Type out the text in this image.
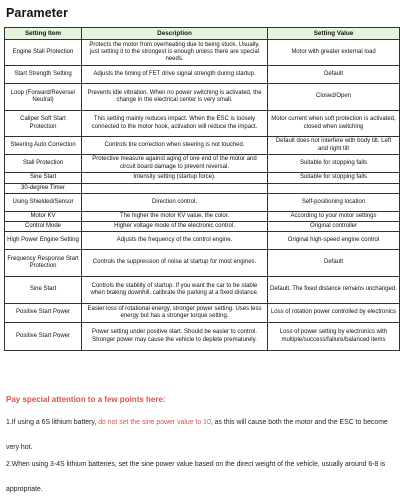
Parameter
Setting Item	Description	Setting Value
Engine Stall Protection	Protects the motor from overheating due to being stuck. Usually, just setting it to the strongest is enough unless there are special needs.	Motor with greater external load
Start Strength Setting	Adjusts the timing of FET drive signal strength during startup.	Default
Loop (Forward/Reverse/ Neutral)	Prevents idle vibration. When no power switching is activated, the change in the electrical center is very small.	Closed/Open
Caliper Soft Start Protection	This setting mainly reduces impact. When the ESC is loosely connected to the motor hook, activation will reduce the impact.	Motor current when soft protection is activated, closed when switching
Steering Auto Correction	Controls tire correction when steering is not touched.	Default does not interfere with body tilt. Left and right tilt
Stall Protection	Protective measure against aging of one end of the motor and circuit board damage to prevent reversal.	Suitable for stopping falls
Sine Start	Intensity setting (startup force).	Suitable for stopping falls
30-degree Timer		
Using Shielded/Sensor	Direction control.	Self-positioning location
Motor KV	The higher the motor KV value, the color.	According to your motor settings
Control Mode	Higher voltage mode of the electronic control.	Original controller
High Power Engine Setting	Adjusts the frequency of the control engine.	Original high-speed engine control
Frequency Response Start Protection	Controls the suppression of noise at startup for most engines.	Default
Sine Start	Controls the stability of startup. If you want the car to be stable when braking downhill, calibrate the parking at a fixed distance.	Default. The fixed distance remains unchanged.
Positive Start Power	Easier loss of rotational energy, stronger power setting. Uses less energy but has a stronger torque setting.	Loss of rotation power controlled by electronics
Positive Start Power	Power setting under positive start. Should be easier to control. Stronger power may cause the vehicle to deplete prematurely.	Loss of power setting by electronics with multiple/success/failure/balanced items
Pay special attention to a few points here:
1.If using a 6S lithium battery, do not set the sine power value to 10, as this will cause both the motor and the ESC to become very hot.
2.When using 3-4S lithium batteries, set the sine power value based on the direct weight of the vehicle, usually around 6-8 is appropriate.
